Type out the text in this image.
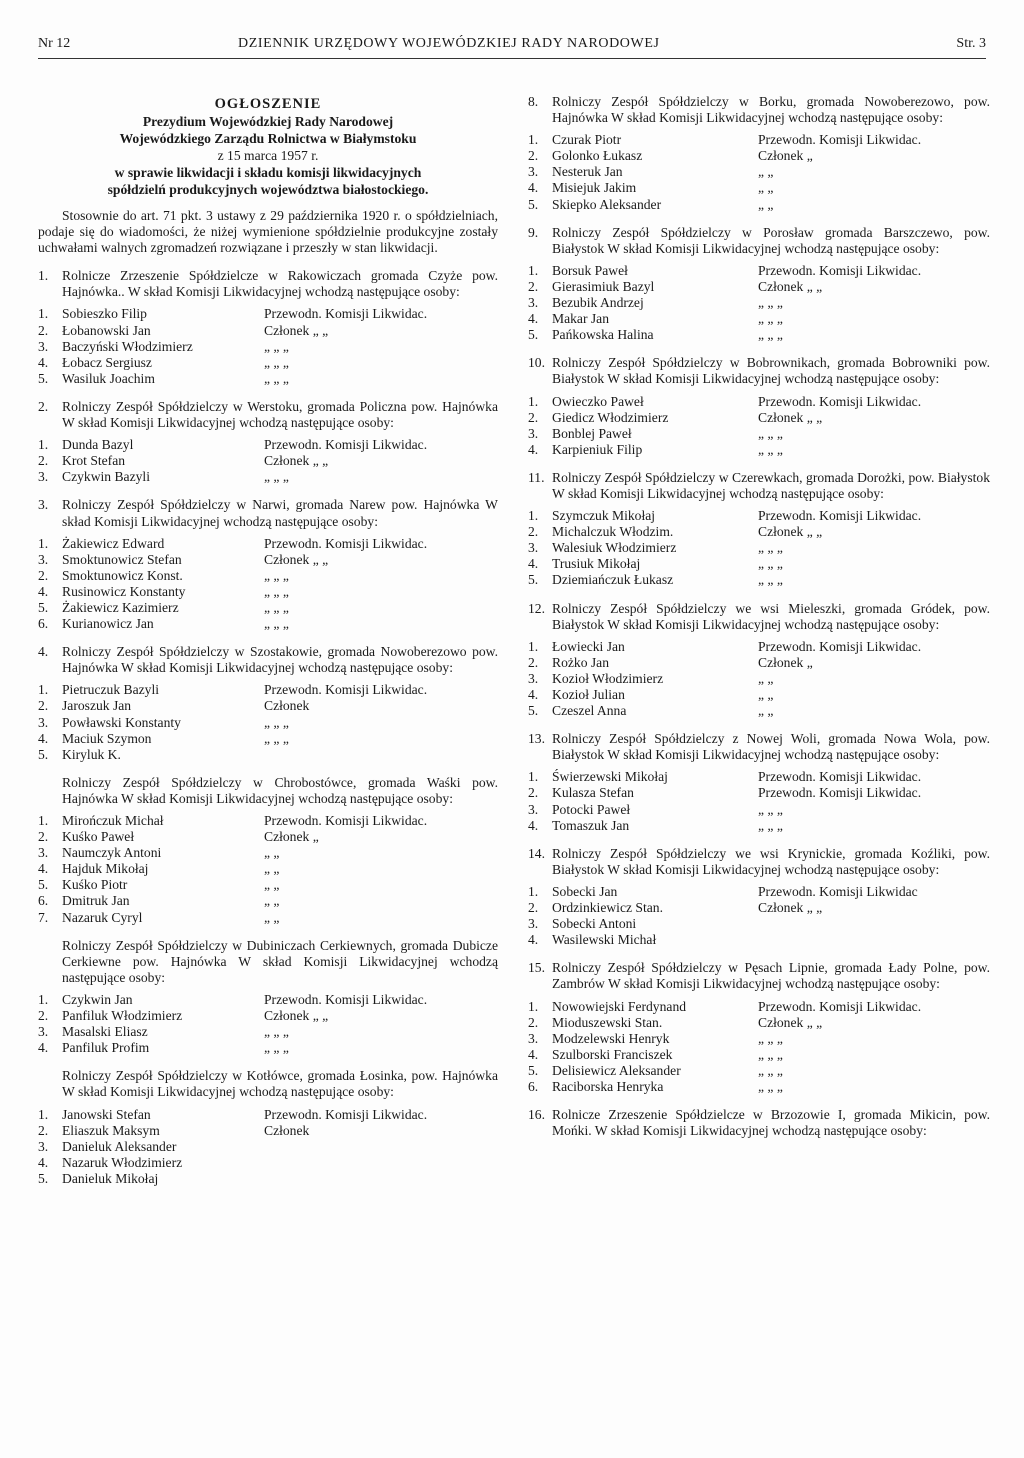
Nr 12	DZIENNIK URZĘDOWY WOJEWÓDZKIEJ RADY NARODOWEJ	Str. 3
OGŁOSZENIE
Prezydium Wojewódzkiej Rady Narodowej
Wojewódzkiego Zarządu Rolnictwa w Białymstoku
z 15 marca 1957 r.
w sprawie likwidacji i składu komisji likwidacyjnych
spółdzielń produkcyjnych województwa białostockiego.

Stosownie do art. 71 pkt. 3 ustawy z 29 października 1920 r. o spółdzielniach, podaje się do wiadomości, że niżej wymienione spółdzielnie produkcyjne zostały uchwałami walnych zgromadzeń rozwiązane i przeszły w stan likwidacji.

1. Rolnicze Zrzeszenie Spółdzielcze w Rakowiczach gromada Czyże pow. Hajnówka.. W skład Komisji Likwidacyjnej wchodzą następujące osoby:
1.	Sobieszko Filip	Przewodn. Komisji Likwidac.
2.	Łobanowski Jan	Członek „ „
3.	Baczyński Włodzimierz	„ „ „
4.	Łobacz Sergiusz	„ „ „
5.	Wasiluk Joachim	„ „ „
2. Rolniczy Zespół Spółdzielczy w Werstoku, gromada Policzna pow. Hajnówka W skład Komisji Likwidacyjnej wchodzą następujące osoby:
1.	Dunda Bazyl	Przewodn. Komisji Likwidac.
2.	Krot Stefan	Członek „ „
3.	Czykwin Bazyli	„ „ „
3. Rolniczy Zespół Spółdzielczy w Narwi, gromada Narew pow. Hajnówka W skład Komisji Likwidacyjnej wchodzą następujące osoby:
1.	Żakiewicz Edward	Przewodn. Komisji Likwidac.
3.	Smoktunowicz Stefan	Członek „ „
2.	Smoktunowicz Konst.	„ „ „
4.	Rusinowicz Konstanty	„ „ „
5.	Żakiewicz Kazimierz	„ „ „
6.	Kurianowicz Jan	„ „ „
4. Rolniczy Zespół Spółdzielczy w Szostakowie, gromada Nowoberezowo pow. Hajnówka W skład Komisji Likwidacyjnej wchodzą następujące osoby:
1.	Pietruczuk Bazyli	Przewodn. Komisji Likwidac.
2.	Jaroszuk Jan	Członek
3.	Powławski Konstanty	„ „ „
4.	Maciuk Szymon	„ „ „
5.	Kiryluk K.
Rolniczy Zespół Spółdzielczy w Chrobostówce, gromada Waśki pow. Hajnówka W skład Komisji Likwidacyjnej wchodzą następujące osoby:
1.	Mirończuk Michał	Przewodn. Komisji Likwidac.
2.	Kuśko Paweł	Członek „
3.	Naumczyk Antoni	„ „
4.	Hajduk Mikołaj	„ „
5.	Kuśko Piotr	„ „
6.	Dmitruk Jan	„ „
7.	Nazaruk Cyryl	„ „
Rolniczy Zespół Spółdzielczy w Dubiniczach Cerkiewnych, gromada Dubicze Cerkiewne pow. Hajnówka W skład Komisji Likwidacyjnej wchodzą następujące osoby:
1.	Czykwin Jan	Przewodn. Komisji Likwidac.
2.	Panfiluk Włodzimierz	Członek „ „
3.	Masalski Eliasz	„ „ „
4.	Panfiluk Profim	„ „ „
Rolniczy Zespół Spółdzielczy w Kotłówce, gromada Łosinka, pow. Hajnówka W skład Komisji Likwidacyjnej wchodzą następujące osoby:
1.	Janowski Stefan	Przewodn. Komisji Likwidac.
2.	Eliaszuk Maksym	Członek
3.	Danieluk Aleksander
4.	Nazaruk Włodzimierz
5.	Danieluk Mikołaj
8. Rolniczy Zespół Spółdzielczy w Borku, gromada Nowoberezowo, pow. Hajnówka W skład Komisji Likwidacyjnej wchodzą następujące osoby:
1.	Czurak Piotr	Przewodn. Komisji Likwidac.
2.	Golonko Łukasz	Członek „
3.	Nesteruk Jan	„ „
4.	Misiejuk Jakim	„ „
5.	Skiepko Aleksander	„ „
9. Rolniczy Zespół Spółdzielczy w Porosław gromada Barszczewo, pow. Białystok W skład Komisji Likwidacyjnej wchodzą następujące osoby:
1.	Borsuk Paweł	Przewodn. Komisji Likwidac.
2.	Gierasimiuk Bazyl	Członek „ „
3.	Bezubik Andrzej	„ „ „
4.	Makar Jan	„ „ „
5.	Pańkowska Halina	„ „ „
10. Rolniczy Zespół Spółdzielczy w Bobrownikach, gromada Bobrowniki pow. Białystok W skład Komisji Likwidacyjnej wchodzą następujące osoby:
1.	Owieczko Paweł	Przewodn. Komisji Likwidac.
2.	Giedicz Włodzimierz	Członek „ „
3.	Bonblej Paweł	„ „ „
4.	Karpieniuk Filip	„ „ „
11. Rolniczy Zespół Spółdzielczy w Czerewkach, gromada Dorożki, pow. Białystok W skład Komisji Likwidacyjnej wchodzą następujące osoby:
1.	Szymczuk Mikołaj	Przewodn. Komisji Likwidac.
2.	Michalczuk Włodzim.	Członek „ „
3.	Walesiuk Włodzimierz	„ „ „
4.	Trusiuk Mikołaj	„ „ „
5.	Dziemiańczuk Łukasz	„ „ „
12. Rolniczy Zespół Spółdzielczy we wsi Mieleszki, gromada Gródek, pow. Białystok W skład Komisji Likwidacyjnej wchodzą następujące osoby:
1.	Łowiecki Jan	Przewodn. Komisji Likwidac.
2.	Rożko Jan	Członek „
3.	Kozioł Włodzimierz	„ „
4.	Kozioł Julian	„ „
5.	Czeszel Anna	„ „
13. Rolniczy Zespół Spółdzielczy z Nowej Woli, gromada Nowa Wola, pow. Białystok W skład Komisji Likwidacyjnej wchodzą następujące osoby:
1.	Świerzewski Mikołaj	Przewodn. Komisji Likwidac.
2.	Kulasza Stefan	Przewodn. Komisji Likwidac.
3.	Potocki Paweł	„ „ „
4.	Tomaszuk Jan	„ „ „
14. Rolniczy Zespół Spółdzielczy we wsi Krynickie, gromada Koźliki, pow. Białystok W skład Komisji Likwidacyjnej wchodzą następujące osoby:
1.	Sobecki Jan	Przewodn. Komisji Likwidac
2.	Ordzinkiewicz Stan.	Członek „ „
3.	Sobecki Antoni
4.	Wasilewski Michał
15. Rolniczy Zespół Spółdzielczy w Pęsach Lipnie, gromada Łady Polne, pow. Zambrów W skład Komisji Likwidacyjnej wchodzą następujące osoby:
1.	Nowowiejski Ferdynand	Przewodn. Komisji Likwidac.
2.	Mioduszewski Stan.	Członek „ „
3.	Modzelewski Henryk	„ „ „
4.	Szulborski Franciszek	„ „ „
5.	Delisiewicz Aleksander	„ „ „
6.	Raciborska Henryka	„ „ „
16. Rolnicze Zrzeszenie Spółdzielcze w Brzozowie I, gromada Mikicin, pow. Mońki. W skład Komisji Likwidacyjnej wchodzą następujące osoby:
